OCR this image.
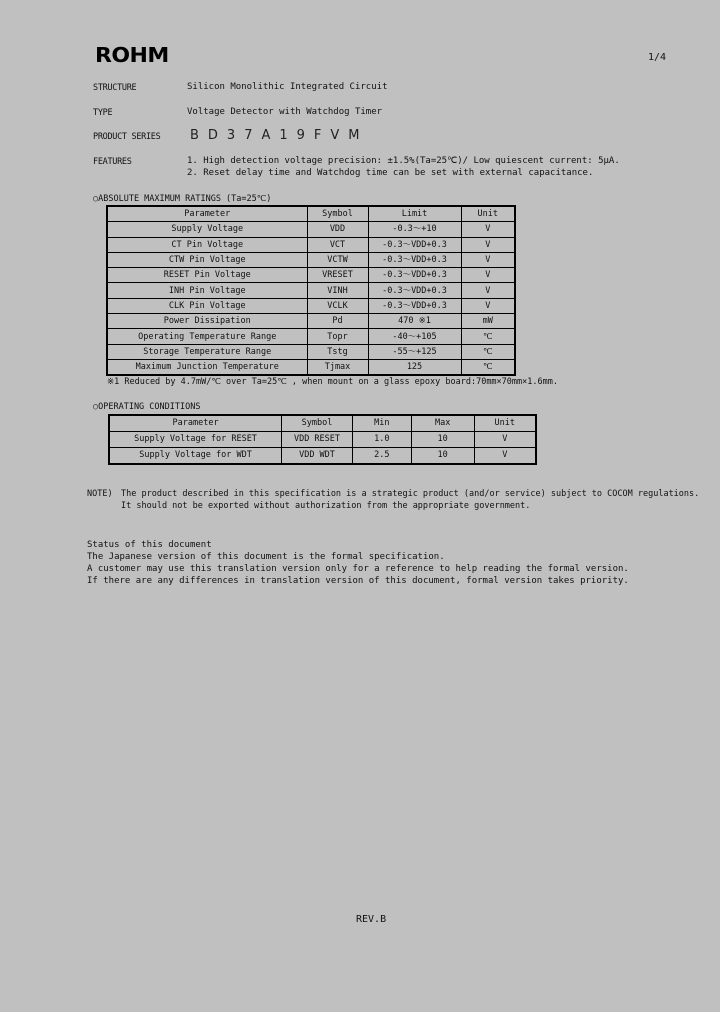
ROHM	1/4
STRUCTURE	Silicon Monolithic Integrated Circuit
TYPE	Voltage Detector with Watchdog Timer
PRODUCT SERIES BD37A19FVM
FEATURES	1. High detection voltage precision: ±1.5%(Ta=25℃)/ Low quiescent current: 5μA.
2. Reset delay time and Watchdog time can be set with external capacitance.
○ABSOLUTE MAXIMUM RATINGS (Ta=25℃)
Parameter	Symbol	Limit	Unit
Supply Voltage	VDD	-0.3～+10	V
CT Pin Voltage	VCT	-0.3～VDD+0.3	V
CTW Pin Voltage	VCTW	-0.3～VDD+0.3	V
RESET Pin Voltage	VRESET	-0.3～VDD+0.3	V
INH Pin Voltage	VINH	-0.3～VDD+0.3	V
CLK Pin Voltage	VCLK	-0.3～VDD+0.3	V
Power Dissipation	Pd	470 ※1	mW
Operating Temperature Range	Topr	-40～+105	℃
Storage Temperature Range	Tstg	-55～+125	℃
Maximum Junction Temperature	Tjmax	125	℃
※1 Reduced by 4.7mW/℃ over Ta=25℃ , when mount on a glass epoxy board:70mm×70mm×1.6mm.
○OPERATING CONDITIONS
Parameter	Symbol	Min	Max	Unit
Supply Voltage for RESET	VDD RESET	1.0	10	V
Supply Voltage for WDT	VDD WDT	2.5	10	V
NOTE) The product described in this specification is a strategic product (and/or service) subject to COCOM regulations.
It should not be exported without authorization from the appropriate government.
Status of this document
The Japanese version of this document is the formal specification.
A customer may use this translation version only for a reference to help reading the formal version.
If there are any differences in translation version of this document, formal version takes priority.
REV.B
